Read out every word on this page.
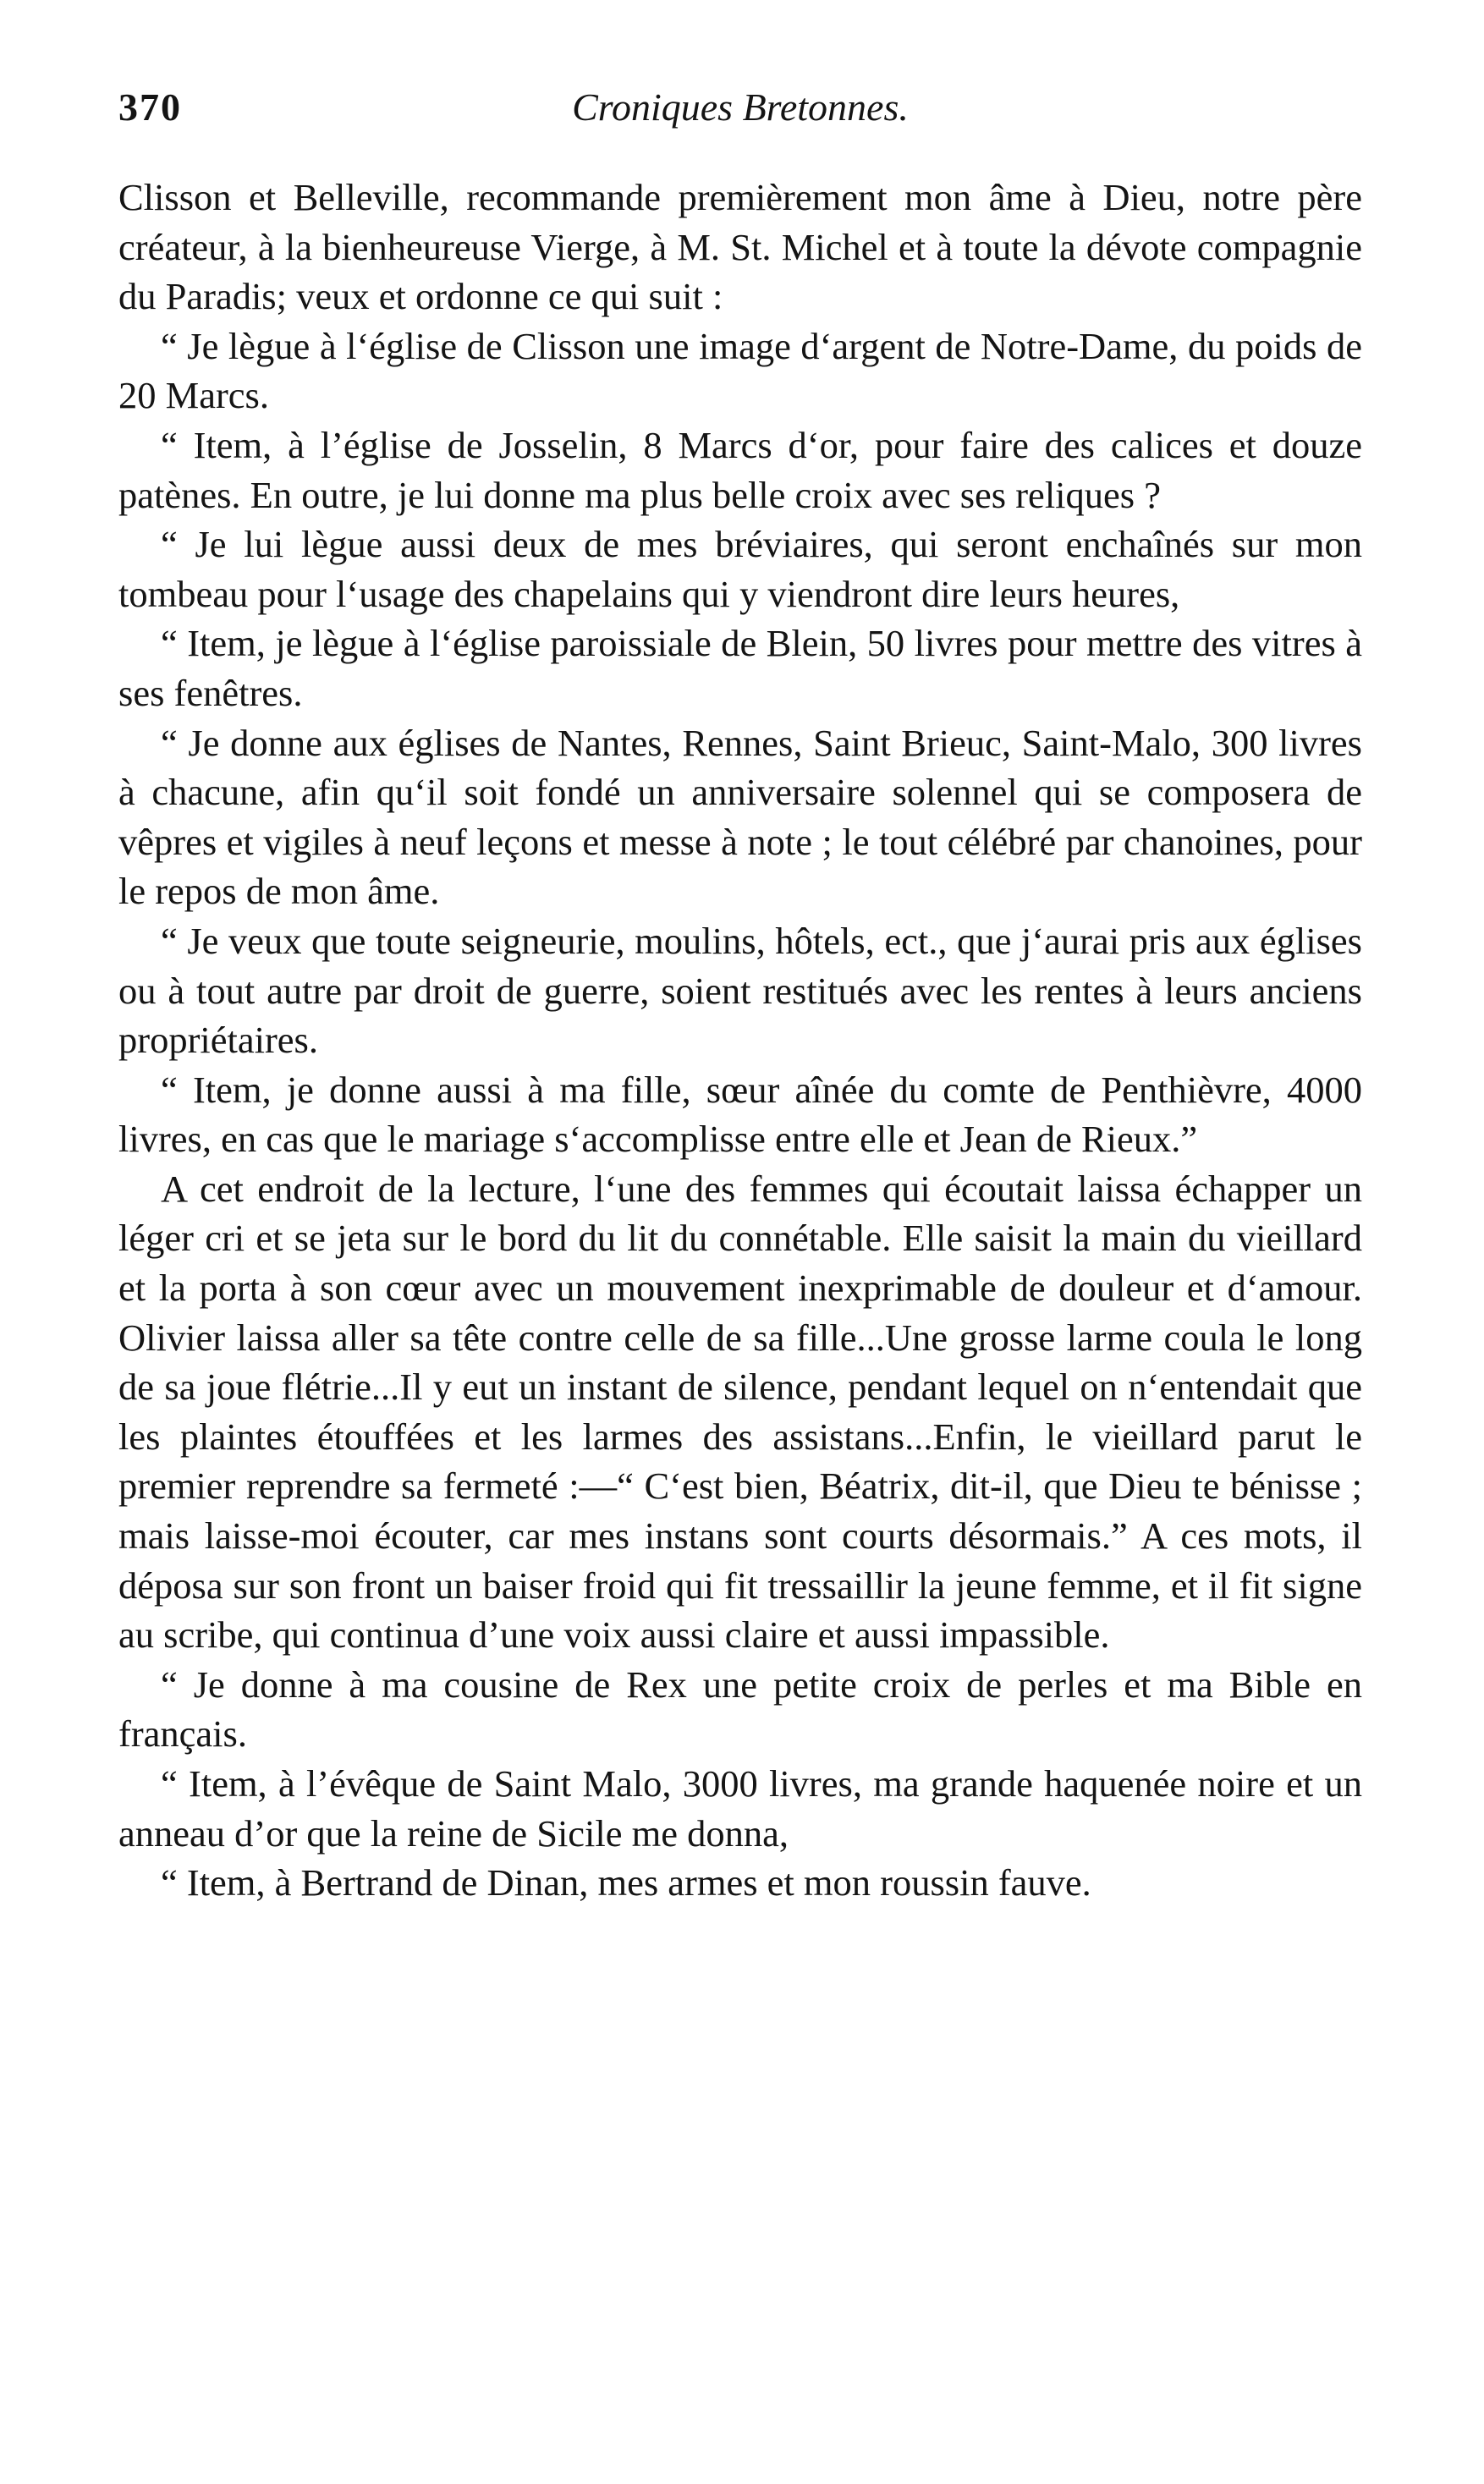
370	Croniques Bretonnes.

Clisson et Belleville, recommande premièrement mon âme à Dieu, notre père créateur, à la bienheureuse Vierge, à M. St. Michel et à toute la dévote compagnie du Paradis; veux et ordonne ce qui suit :

“ Je lègue à l‘église de Clisson une image d‘argent de Notre-Dame, du poids de 20 Marcs.

“ Item, à l’église de Josselin, 8 Marcs d‘or, pour faire des calices et douze patènes. En outre, je lui donne ma plus belle croix avec ses reliques ?

“ Je lui lègue aussi deux de mes bréviaires, qui seront enchaînés sur mon tombeau pour l‘usage des chapelains qui y viendront dire leurs heures,

“ Item, je lègue à l‘église paroissiale de Blein, 50 livres pour mettre des vitres à ses fenêtres.

“ Je donne aux églises de Nantes, Rennes, Saint Brieuc, Saint-Malo, 300 livres à chacune, afin qu‘il soit fondé un anniversaire solennel qui se composera de vêpres et vigiles à neuf leçons et messe à note ; le tout célébré par chanoines, pour le repos de mon âme.

“ Je veux que toute seigneurie, moulins, hôtels, ect., que j‘aurai pris aux églises ou à tout autre par droit de guerre, soient restitués avec les rentes à leurs anciens propriétaires.

“ Item, je donne aussi à ma fille, sœur aînée du comte de Penthièvre, 4000 livres, en cas que le mariage s‘accomplisse entre elle et Jean de Rieux.”

A cet endroit de la lecture, l‘une des femmes qui écoutait laissa échapper un léger cri et se jeta sur le bord du lit du connétable. Elle saisit la main du vieillard et la porta à son cœur avec un mouvement inexprimable de douleur et d‘amour. Olivier laissa aller sa tête contre celle de sa fille...Une grosse larme coula le long de sa joue flétrie...Il y eut un instant de silence, pendant lequel on n‘entendait que les plaintes étouffées et les larmes des assistans...Enfin, le vieillard parut le premier reprendre sa fermeté :—“ C‘est bien, Béatrix, dit-il, que Dieu te bénisse ; mais laisse-moi écouter, car mes instans sont courts désormais.” A ces mots, il déposa sur son front un baiser froid qui fit tressaillir la jeune femme, et il fit signe au scribe, qui continua d’une voix aussi claire et aussi impassible.

“ Je donne à ma cousine de Rex une petite croix de perles et ma Bible en français.

“ Item, à l’évêque de Saint Malo, 3000 livres, ma grande haquenée noire et un anneau d’or que la reine de Sicile me donna,

“ Item, à Bertrand de Dinan, mes armes et mon roussin fauve.
